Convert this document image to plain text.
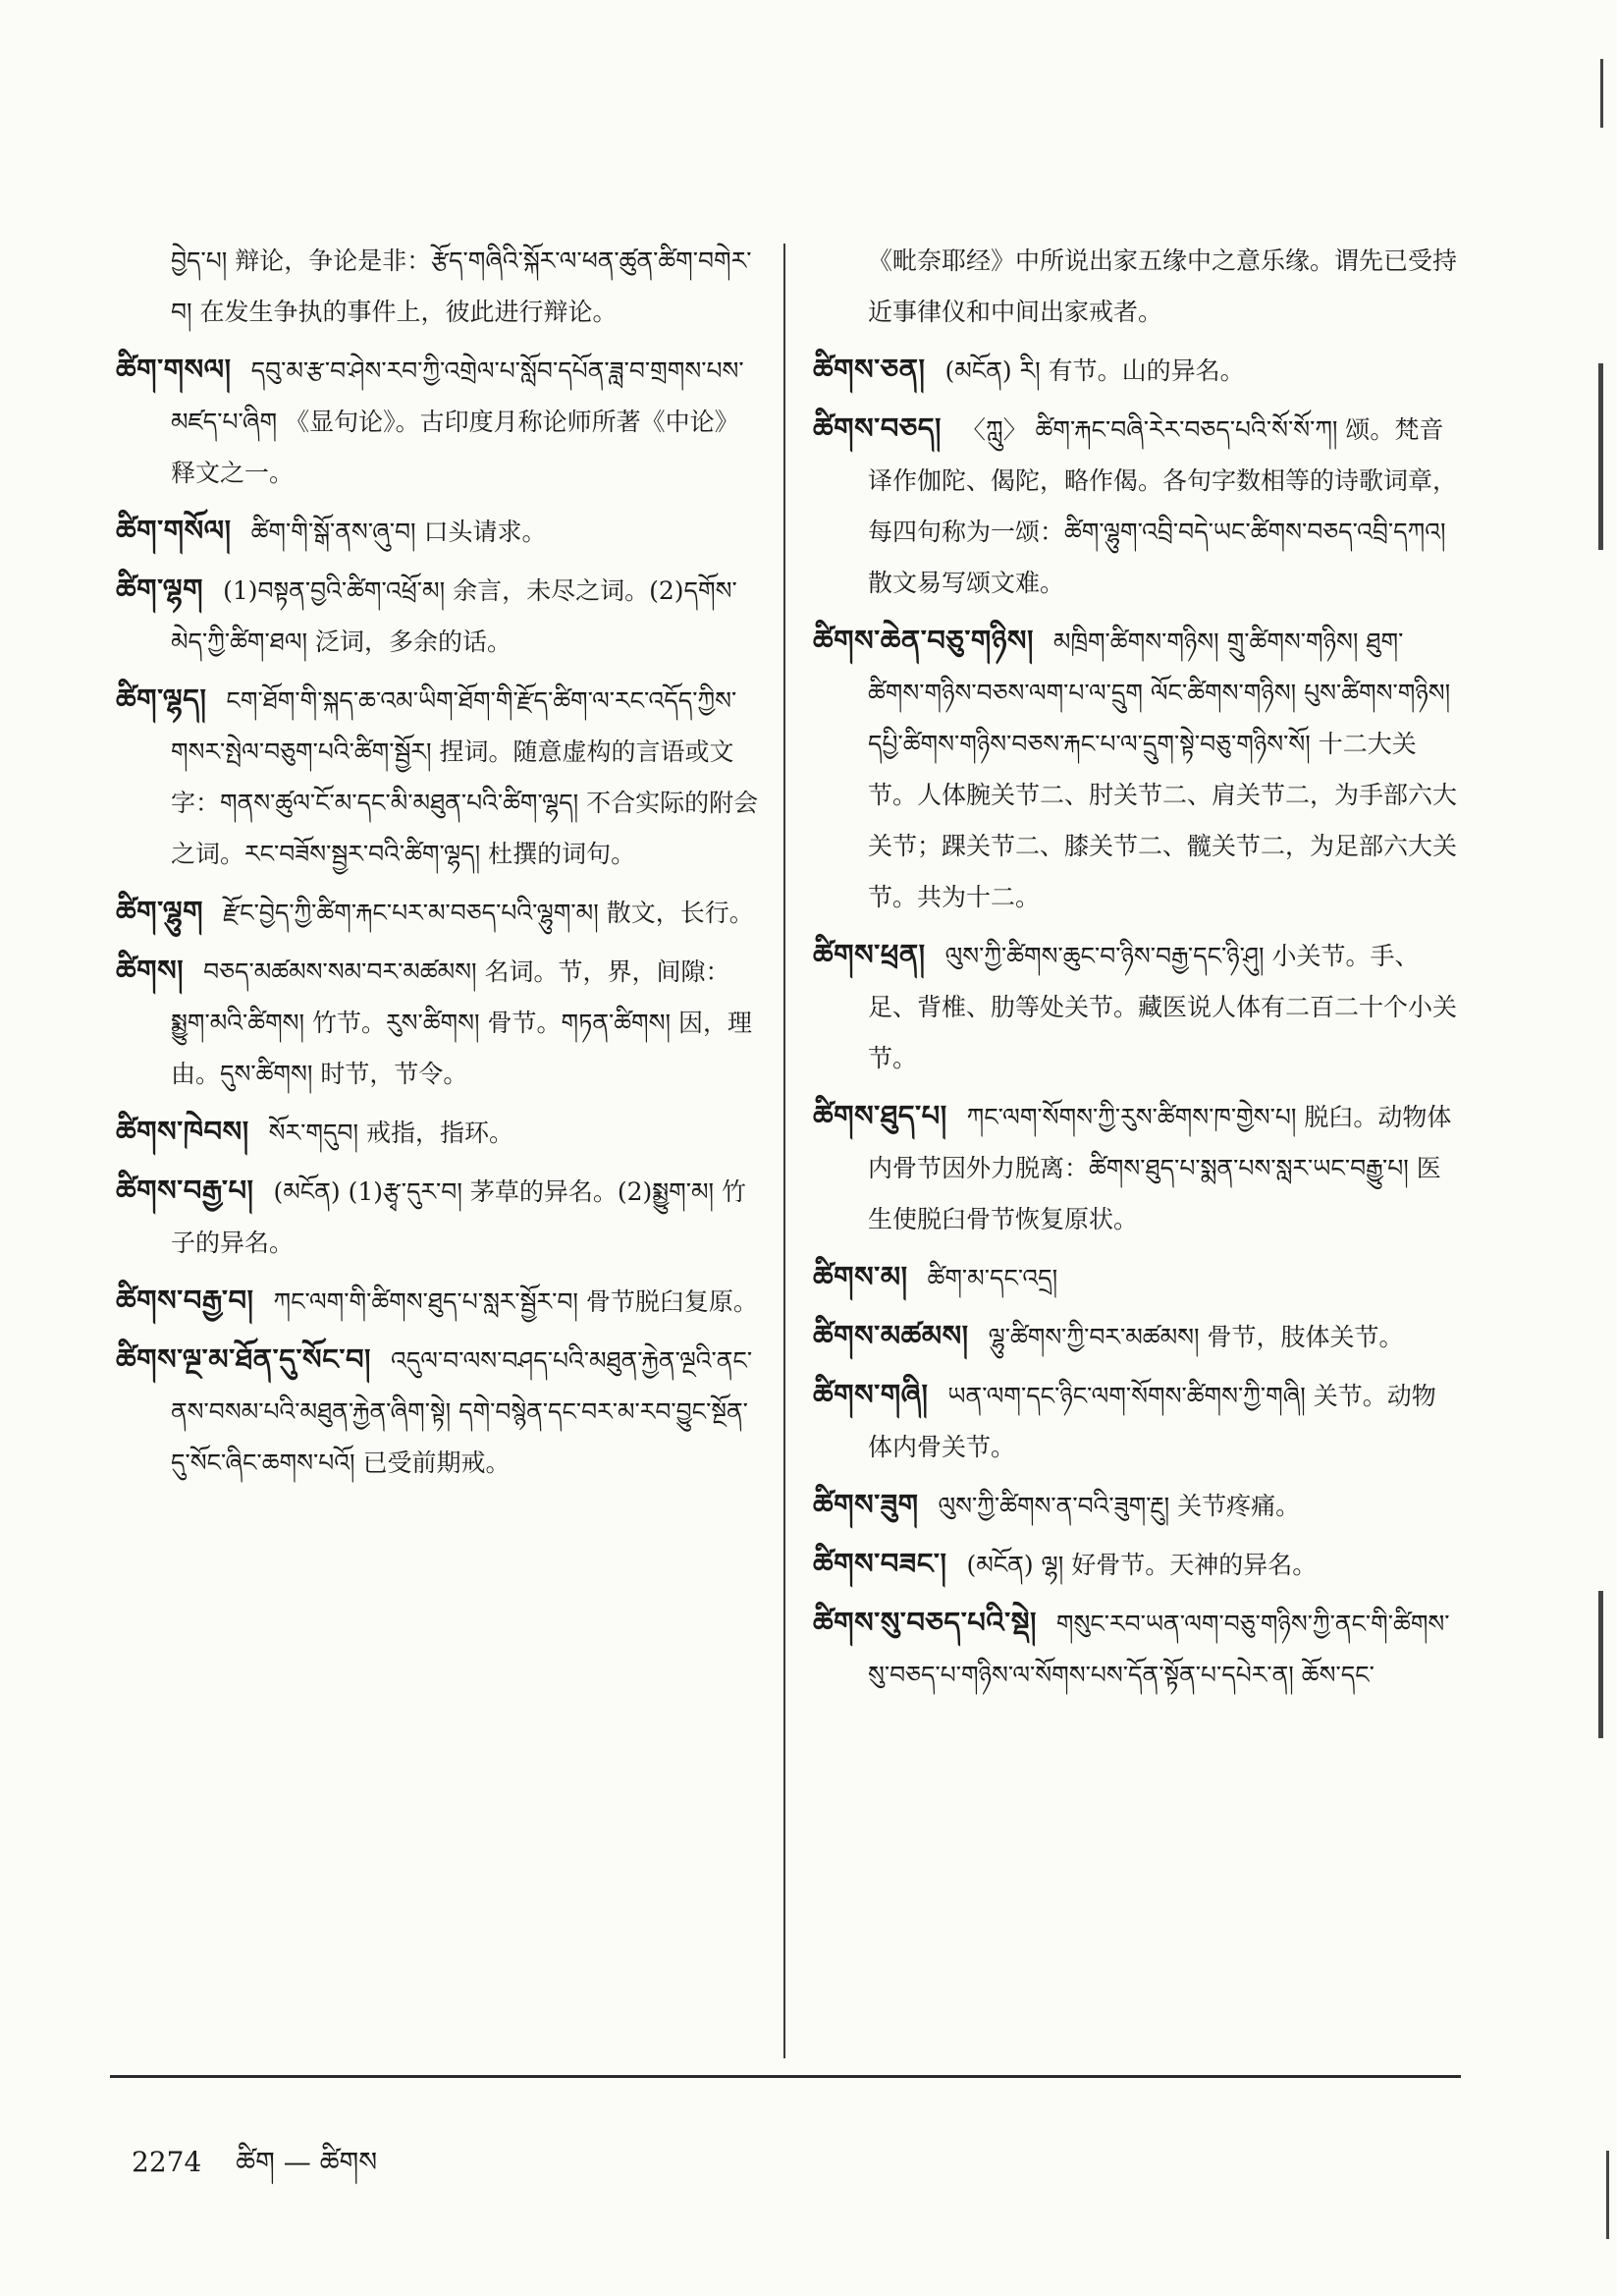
བྱེད་པ། 辩论，争论是非：རྩོད་གཞིའི་སྐོར་ལ་ཕན་ཚུན་ཚིག་བགེར་བ། 在发生争执的事件上，彼此进行辩论。
ཚིག་གསལ། དབུ་མ་རྩ་བ་ཤེས་རབ་ཀྱི་འགྲེལ་པ་སློབ་དཔོན་ཟླ་བ་གྲགས་པས་མཛད་པ་ཞིག 《显句论》。古印度月称论师所著《中论》释文之一。
ཚིག་གསོལ། ཚིག་གི་སྒོ་ནས་ཞུ་བ། 口头请求。
ཚིག་ལྷག (1)བསྟན་བྱའི་ཚིག་འཕྲོ་མ། 余言，未尽之词。(2)དགོས་མེད་ཀྱི་ཚིག་ཐལ། 泛词，多余的话。
ཚིག་ལྷད། ངག་ཐོག་གི་སྐད་ཆ་འམ་ཡིག་ཐོག་གི་རྫོད་ཚིག་ལ་རང་འདོད་ཀྱིས་གསར་སྤེལ་བཅུག་པའི་ཚིག་སྦྱོར། 捏词。随意虚构的言语或文字：གནས་ཚུལ་ངོ་མ་དང་མི་མཐུན་པའི་ཚིག་ལྷད། 不合实际的附会之词。རང་བཟོས་སྦྱར་བའི་ཚིག་ལྷད། 杜撰的词句。
ཚིག་ལྷུག རྫོང་བྱེད་ཀྱི་ཚིག་རྐང་པར་མ་བཅད་པའི་ལྷུག་མ། 散文，长行。
ཚིགས། བཅད་མཚམས་སམ་བར་མཚམས། 名词。节，界，间隙：སྨྱུག་མའི་ཚིགས། 竹节。རུས་ཚིགས། 骨节。གཏན་ཚིགས། 因，理由。དུས་ཚིགས། 时节，节令。
ཚིགས་ཁེབས། སོར་གདུབ། 戒指，指环。
ཚིགས་བརྒྱ་པ། (མངོན) (1)རྩྭ་དུར་བ། 茅草的异名。(2)སྨྱུག་མ། 竹子的异名。
ཚིགས་བརྒྱ་བ། ཀང་ལག་གི་ཚིགས་ཐུད་པ་སླར་སྦྱོར་བ། 骨节脱臼复原。
ཚིགས་ལྔ་མ་ཐོན་དུ་སོང་བ། འདུལ་བ་ལས་བཤད་པའི་མཐུན་རྐྱེན་ལྔའི་ནང་ནས་བསམ་པའི་མཐུན་རྐྱེན་ཞིག་སྟེ། དགེ་བསྙེན་དང་བར་མ་རབ་བྱུང་སྔོན་དུ་སོང་ཞིང་ཆགས་པའོ། 已受前期戒。
《毗奈耶经》中所说出家五缘中之意乐缘。谓先已受持近事律仪和中间出家戒者。
ཚིགས་ཅན། (མངོན) རི། 有节。山的异名。
ཚིགས་བཅད། 〈ཀླུ〉 ཚིག་རྐང་བཞི་རེར་བཅད་པའི་སོ་སོ་ཀ། 颂。梵音译作伽陀、偈陀，略作偈。各句字数相等的诗歌词章，每四句称为一颂：ཚིག་ལྷུག་འབྲི་བདེ་ཡང་ཚིགས་བཅད་འབྲི་དཀའ། 散文易写颂文难。
ཚིགས་ཆེན་བཅུ་གཉིས། མཁྲིག་ཚིགས་གཉིས། གྲུ་ཚིགས་གཉིས། ཐུག་ཚིགས་གཉིས་བཅས་ལག་པ་ལ་དྲུག ལོང་ཚིགས་གཉིས། པུས་ཚིགས་གཉིས། དཔྱི་ཚིགས་གཉིས་བཅས་རྐང་པ་ལ་དྲུག་སྟེ་བཅུ་གཉིས་སོ། 十二大关节。人体腕关节二、肘关节二、肩关节二，为手部六大关节；踝关节二、膝关节二、髋关节二，为足部六大关节。共为十二。
ཚིགས་ཕྲན། ལུས་ཀྱི་ཚིགས་ཆུང་བ་ཉིས་བརྒྱ་དང་ཉི་ཤུ། 小关节。手、足、背椎、肋等处关节。藏医说人体有二百二十个小关节。
ཚིགས་ཐུད་པ། ཀང་ལག་སོགས་ཀྱི་རུས་ཚིགས་ཁ་གྱེས་པ། 脱臼。动物体内骨节因外力脱离：ཚིགས་ཐུད་པ་སྨན་པས་སླར་ཡང་བརྒྱུ་པ། 医生使脱臼骨节恢复原状。
ཚིགས་མ། ཚིག་མ་དང་འདྲ།
ཚིགས་མཚམས། ལྷུ་ཚིགས་ཀྱི་བར་མཚམས། 骨节，肢体关节。
ཚིགས་གཞི། ཡན་ལག་དང་ཉིང་ལག་སོགས་ཚིགས་ཀྱི་གཞི། 关节。动物体内骨关节。
ཚིགས་ཟུག ལུས་ཀྱི་ཚིགས་ན་བའི་ཟུག་རྔུ། 关节疼痛。
ཚིགས་བཟང་། (མངོན) ལྷ། 好骨节。天神的异名。
ཚིགས་སུ་བཅད་པའི་སྡེ། གསུང་རབ་ཡན་ལག་བཅུ་གཉིས་ཀྱི་ནང་གི་ཚིགས་སུ་བཅད་པ་གཉིས་ལ་སོགས་པས་དོན་སྟོན་པ་དཔེར་ན། ཆོས་དང་
2274 ཚིག — ཚིགས
